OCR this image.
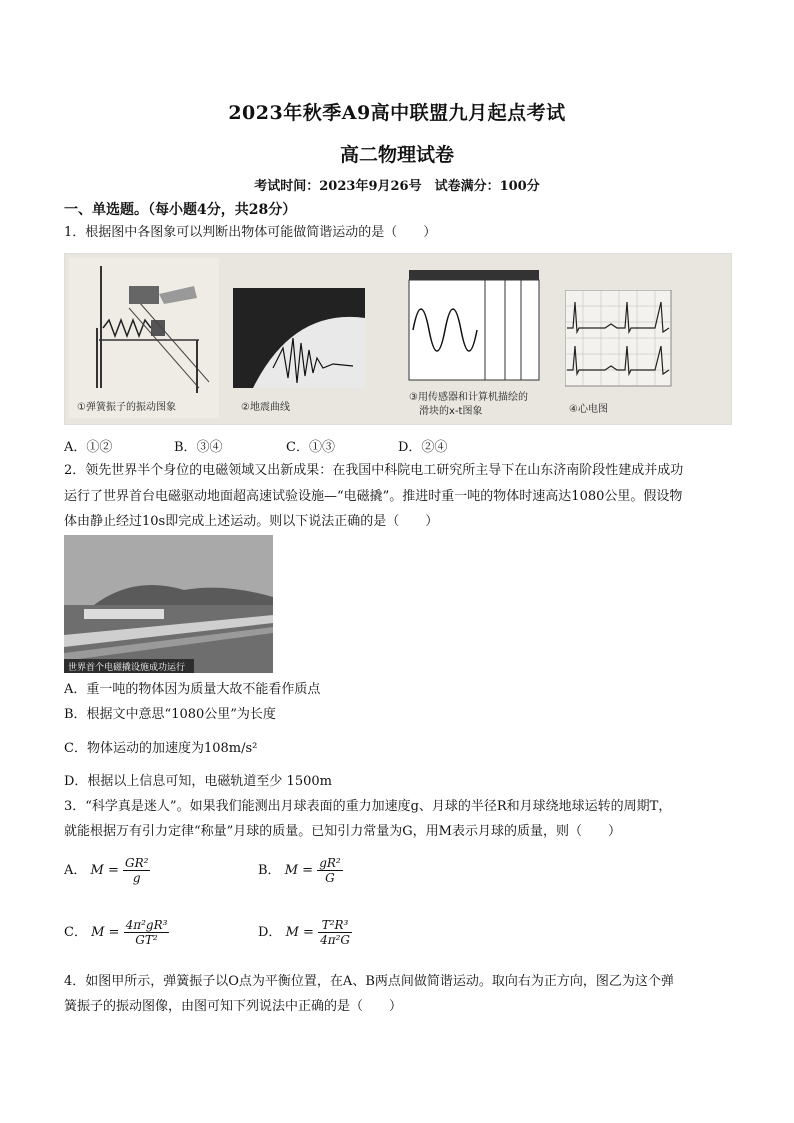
2023年秋季A9高中联盟九月起点考试
高二物理试卷
考试时间：2023年9月26号　试卷满分：100分
一、单选题。（每小题4分，共28分）
1．根据图中各图象可以判断出物体可能做简谐运动的是（　　）
①弹簧振子的振动图象	②地震曲线
③用传感器和计算机描绘的
滑块的x-t图象	④心电图
A．①②	B．③④	C．①③	D．②④
2．领先世界半个身位的电磁领域又出新成果：在我国中科院电工研究所主导下在山东济南阶段性建成并成功
运行了世界首台电磁驱动地面超高速试验设施—“电磁撬”。推进时重一吨的物体时速高达1080公里。假设物
体由静止经过10s即完成上述运动。则以下说法正确的是（　　）
世界首个电磁撬设施成功运行
A．重一吨的物体因为质量大故不能看作质点
B．根据文中意思“1080公里”为长度
C．物体运动的加速度为108m/s²
D．根据以上信息可知，电磁轨道至少 1500m
3．“科学真是迷人”。如果我们能测出月球表面的重力加速度g、月球的半径R和月球绕地球运转的周期T，
就能根据万有引力定律“称量”月球的质量。已知引力常量为G，用M表示月球的质量，则（　　）
A． $M = \frac{\text{GR²}}{g}$	B． $M = \frac{\text{gR²}}{G}$
C． $M = \frac{\text{4π²gR³}}{\text{GT²}}$	D． $M = \frac{\text{T²R³}}{\text{4π²G}}$
4．如图甲所示，弹簧振子以O点为平衡位置，在A、B两点间做简谐运动。取向右为正方向，图乙为这个弹
簧振子的振动图像，由图可知下列说法中正确的是（　　）
